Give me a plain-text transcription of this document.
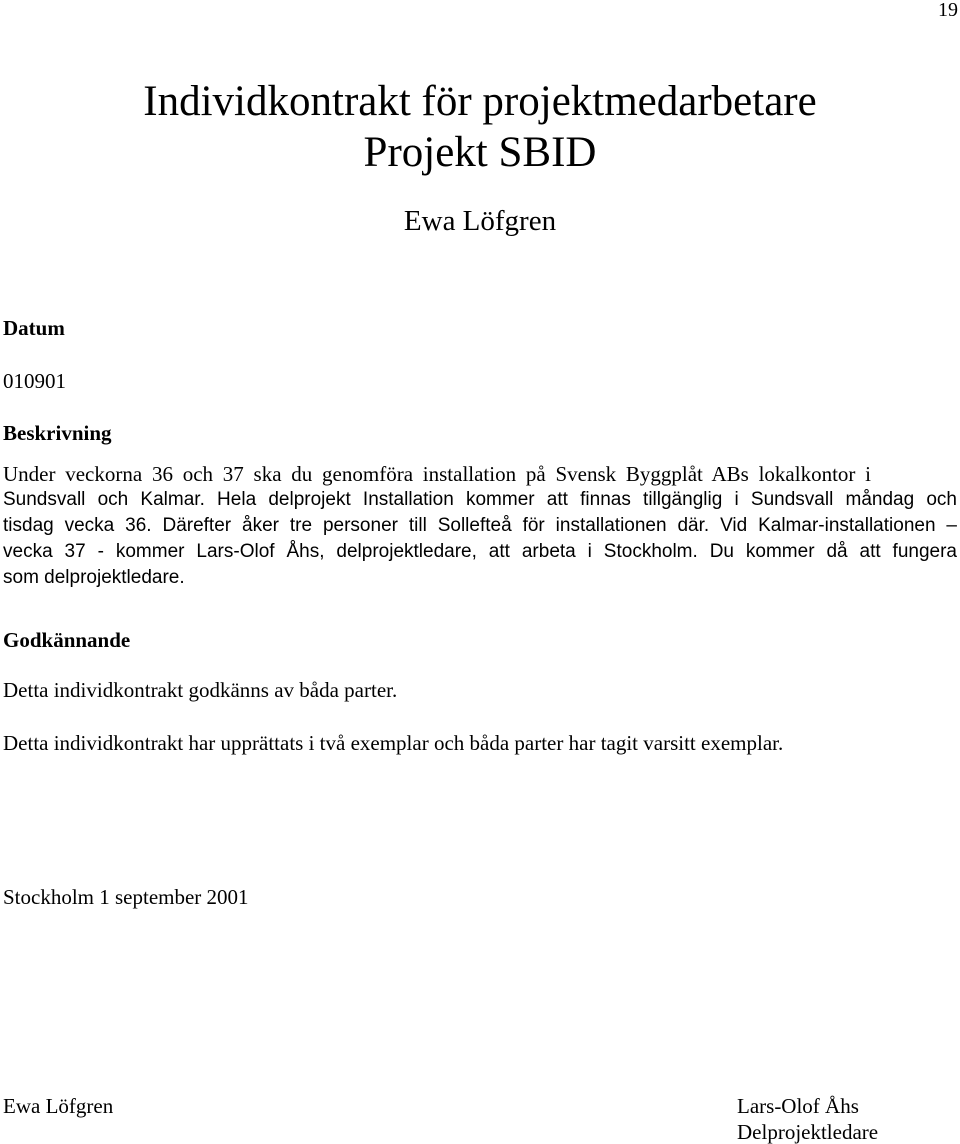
19
Individkontrakt för projektmedarbetare
Projekt SBID
Ewa Löfgren
Datum
010901
Beskrivning
Under veckorna 36 och 37 ska du genomföra installation på Svensk Byggplåt ABs lokalkontor i
Sundsvall och Kalmar. Hela delprojekt Installation kommer att finnas tillgänglig i Sundsvall måndag och
tisdag vecka 36. Därefter åker tre personer till Sollefteå för installationen där. Vid Kalmar-installationen –
vecka 37 - kommer Lars-Olof Åhs, delprojektledare, att arbeta i Stockholm. Du kommer då att fungera
som delprojektledare.
Godkännande
Detta individkontrakt godkänns av båda parter.
Detta individkontrakt har upprättats i två exemplar och båda parter har tagit varsitt exemplar.
Stockholm 1 september 2001
Ewa Löfgren	Lars-Olof Åhs
Delprojektledare
